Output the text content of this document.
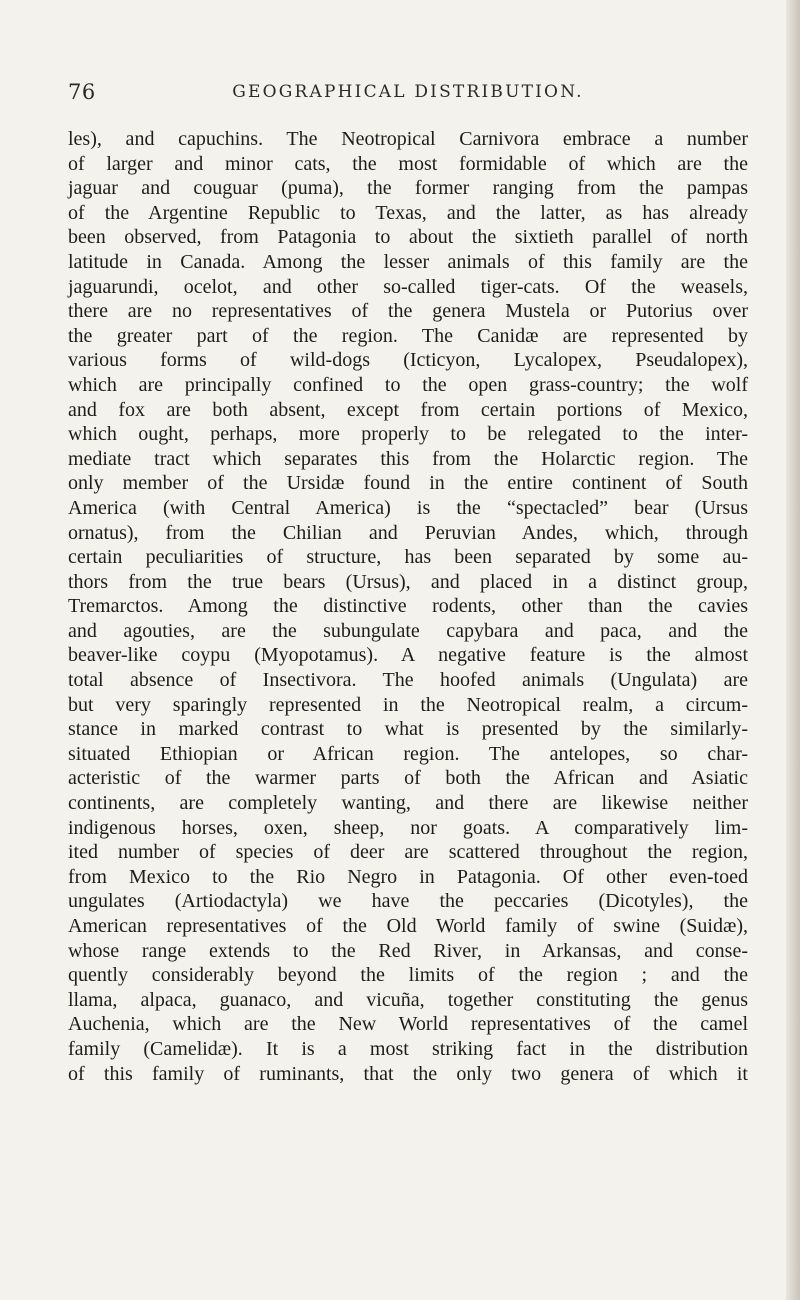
76	GEOGRAPHICAL DISTRIBUTION.
les), and capuchins. The Neotropical Carnivora embrace a number
of larger and minor cats, the most formidable of which are the
jaguar and couguar (puma), the former ranging from the pampas
of the Argentine Republic to Texas, and the latter, as has already
been observed, from Patagonia to about the sixtieth parallel of north
latitude in Canada. Among the lesser animals of this family are the
jaguarundi, ocelot, and other so-called tiger-cats. Of the weasels,
there are no representatives of the genera Mustela or Putorius over
the greater part of the region. The Canidæ are represented by
various forms of wild-dogs (Icticyon, Lycalopex, Pseudalopex),
which are principally confined to the open grass-country; the wolf
and fox are both absent, except from certain portions of Mexico,
which ought, perhaps, more properly to be relegated to the inter-
mediate tract which separates this from the Holarctic region. The
only member of the Ursidæ found in the entire continent of South
America (with Central America) is the “spectacled” bear (Ursus
ornatus), from the Chilian and Peruvian Andes, which, through
certain peculiarities of structure, has been separated by some au-
thors from the true bears (Ursus), and placed in a distinct group,
Tremarctos. Among the distinctive rodents, other than the cavies
and agouties, are the subungulate capybara and paca, and the
beaver-like coypu (Myopotamus). A negative feature is the almost
total absence of Insectivora. The hoofed animals (Ungulata) are
but very sparingly represented in the Neotropical realm, a circum-
stance in marked contrast to what is presented by the similarly-
situated Ethiopian or African region. The antelopes, so char-
acteristic of the warmer parts of both the African and Asiatic
continents, are completely wanting, and there are likewise neither
indigenous horses, oxen, sheep, nor goats. A comparatively lim-
ited number of species of deer are scattered throughout the region,
from Mexico to the Rio Negro in Patagonia. Of other even-toed
ungulates (Artiodactyla) we have the peccaries (Dicotyles), the
American representatives of the Old World family of swine (Suidæ),
whose range extends to the Red River, in Arkansas, and conse-
quently considerably beyond the limits of the region ; and the
llama, alpaca, guanaco, and vicuña, together constituting the genus
Auchenia, which are the New World representatives of the camel
family (Camelidæ). It is a most striking fact in the distribution
of this family of ruminants, that the only two genera of which it
